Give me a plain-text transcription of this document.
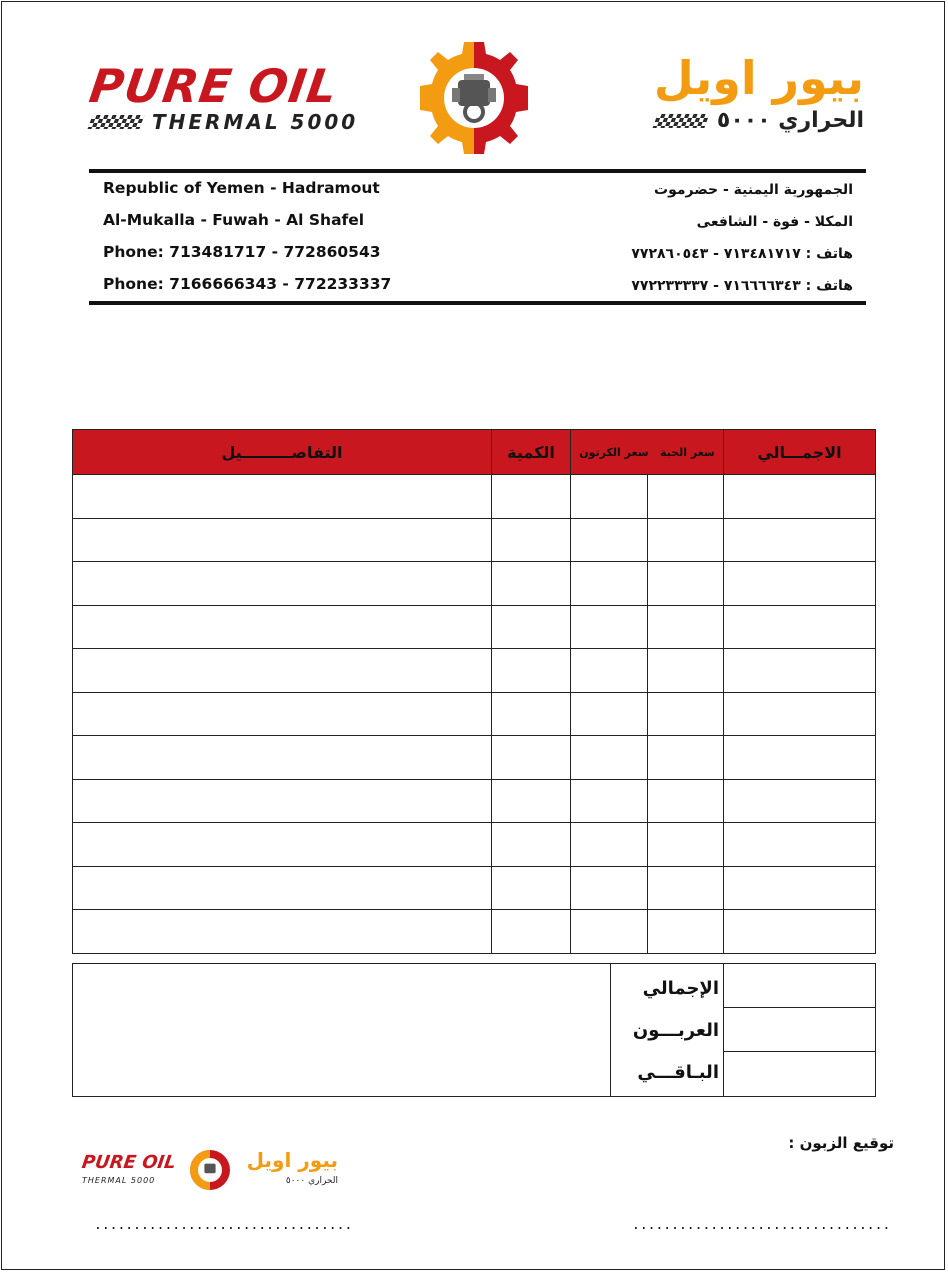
PURE OIL
THERMAL 5000
بيور اويل
الحراري ٥٠٠٠
Republic of Yemen - Hadramout
Al-Mukalla - Fuwah - Al Shafel
Phone: 713481717 - 772860543
Phone: 7166666343 - 772233337
الجمهورية اليمنية - حضرموت
المكلا - فوة - الشافعى
هاتف : ٧١٣٤٨١٧١٧ - ٧٧٢٨٦٠٥٤٣
هاتف : ٧١٦٦٦٦٣٤٣ - ٧٧٢٢٣٣٣٣٧
الاجمـــالي	سعر الحبة   سعر الكرتون		الكمية	التفاصـــــــــيل

الإجمالي
العربـــون
البـاقـــي
PURE OIL
THERMAL 5000
بيور اويل
الحراري ٥٠٠٠
توقيع الزبون :
.................................	.................................
